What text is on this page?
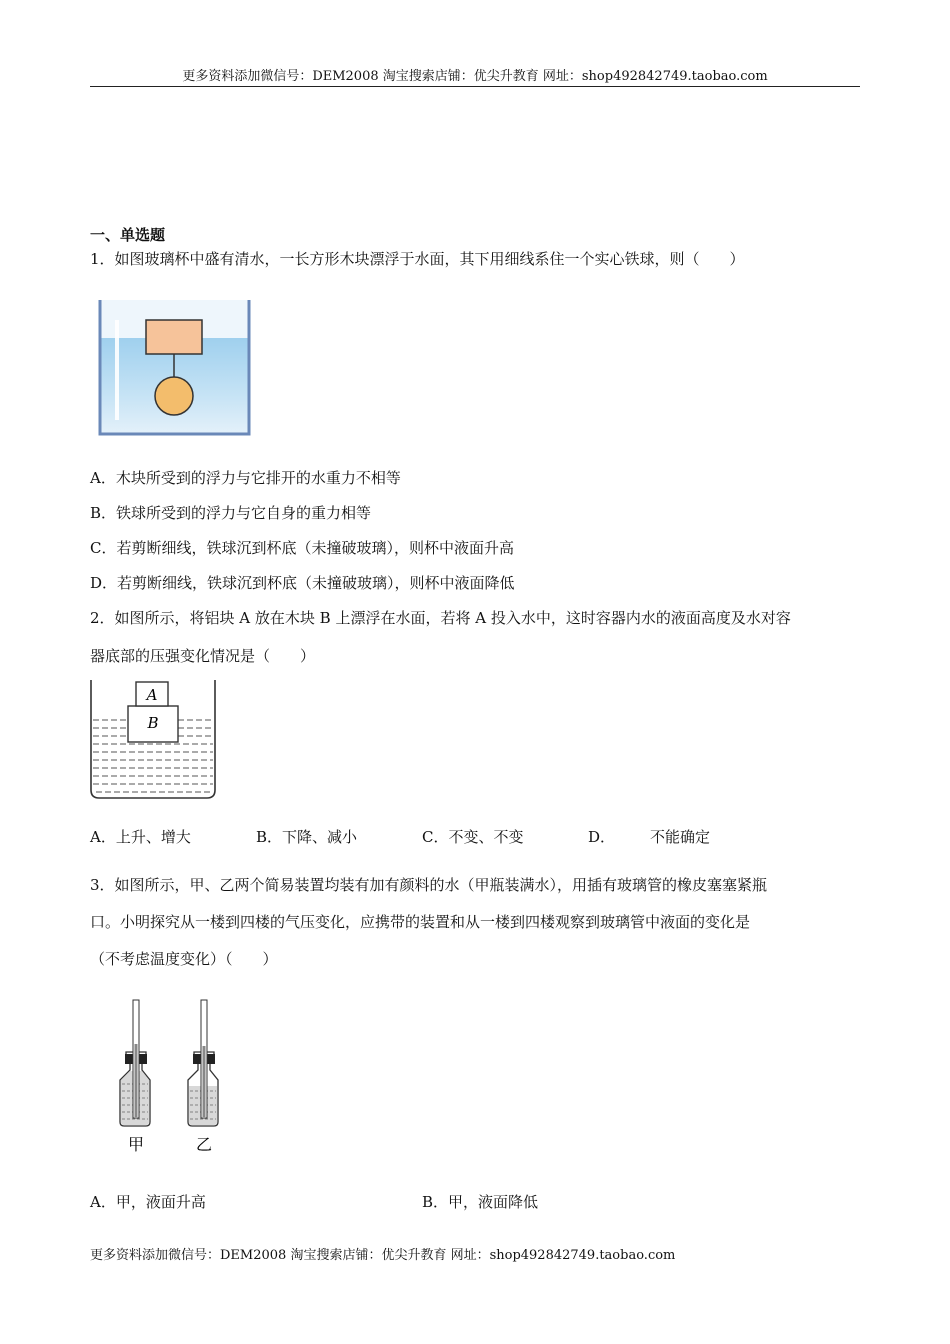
更多资料添加微信号：DEM2008 淘宝搜索店铺：优尖升教育 网址：shop492842749.taobao.com
一、单选题
1．如图玻璃杯中盛有清水，一长方形木块漂浮于水面，其下用细线系住一个实心铁球，则（　　）
A．木块所受到的浮力与它排开的水重力不相等
B．铁球所受到的浮力与它自身的重力相等
C．若剪断细线，铁球沉到杯底（未撞破玻璃），则杯中液面升高
D．若剪断细线，铁球沉到杯底（未撞破玻璃），则杯中液面降低
2．如图所示，将铝块 A 放在木块 B 上漂浮在水面，若将 A 投入水中，这时容器内水的液面高度及水对容
器底部的压强变化情况是（　　）
A
B
A．上升、增大	B．下降、减小	C．不变、不变	D． 不能确定
3．如图所示，甲、乙两个简易装置均装有加有颜料的水（甲瓶装满水），用插有玻璃管的橡皮塞塞紧瓶
口。小明探究从一楼到四楼的气压变化，应携带的装置和从一楼到四楼观察到玻璃管中液面的变化是
（不考虑温度变化）（　　）
甲	乙
A．甲，液面升高	B．甲，液面降低
更多资料添加微信号：DEM2008 淘宝搜索店铺：优尖升教育 网址：shop492842749.taobao.com
